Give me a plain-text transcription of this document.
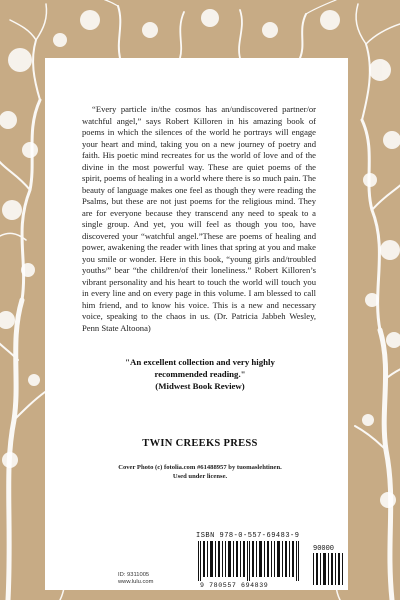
“Every particle in/the cosmos has an/undiscovered partner/or watchful angel,” says Robert Killoren in his amazing book of poems in which the silences of the world he portrays will engage your heart and mind, taking you on a new journey of poetry and faith. His poetic mind recreates for us the world of love and of the divine in the most powerful way. These are quiet poems of the spirit, poems of healing in a world where there is so much pain. The beauty of language makes one feel as though they were reading the Psalms, but these are not just poems for the religious mind. They are for everyone because they transcend any need to speak to a single group. And yet, you will feel as though you too, have discovered your “watchful angel.”These are poems of healing and power, awakening the reader with lines that spring at you and make you smile or wonder. Here in this book, “young girls and/troubled youths/” bear “the children/of their loneliness.” Robert Killoren’s vibrant personality and his heart to touch the world will touch you in every line and on every page in this volume. I am blessed to call him friend, and to know his voice. This is a new and necessary voice, speaking to the chaos in us. (Dr. Patricia Jabbeh Wesley, Penn State Altoona)
"An excellent collection and very highly
recommended reading."
(Midwest Book Review)
TWIN CREEKS PRESS
Cover Photo (c) fotolia.com #61488957 by tuomaslehtinen.
Used under license.
ID: 9311005
www.lulu.com
ISBN 978-0-557-69483-9
90000
9 780557 694839
